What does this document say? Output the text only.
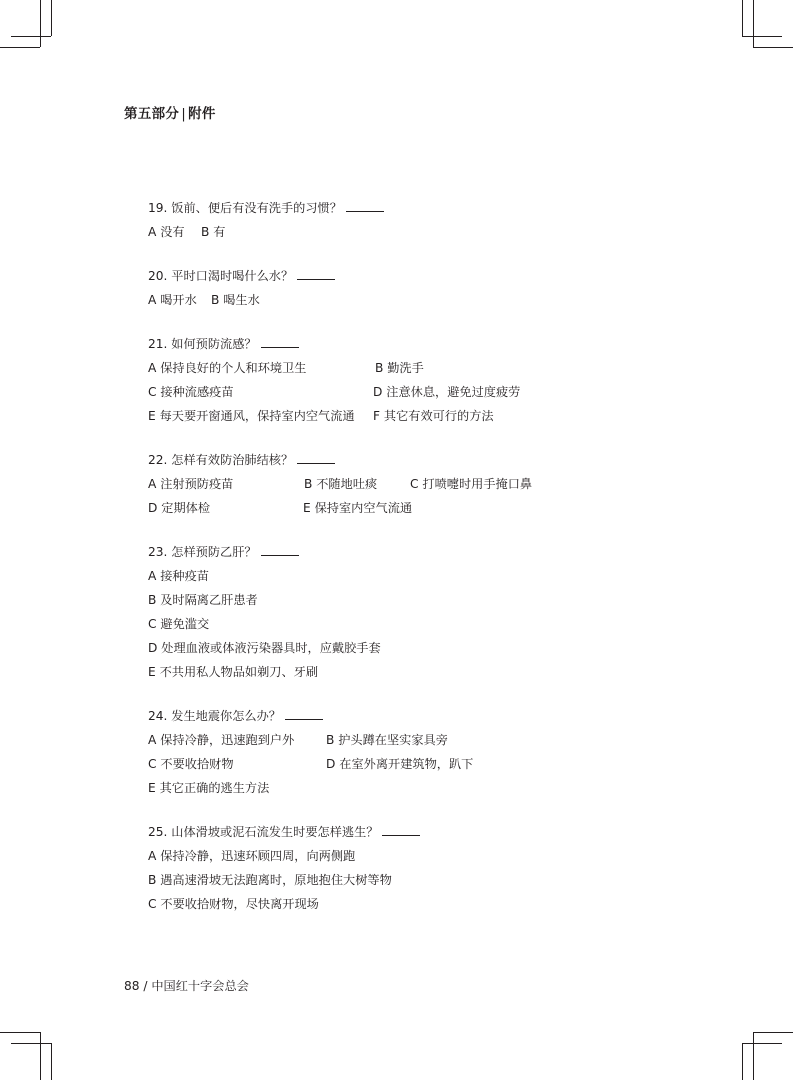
第五部分 | 附件
19. 饭前、便后有没有洗手的习惯？
A 没有 B 有
20. 平时口渴时喝什么水？
A 喝开水 B 喝生水
21. 如何预防流感？
A 保持良好的个人和环境卫生	B 勤洗手
C 接种流感疫苗	D 注意休息，避免过度疲劳
E 每天要开窗通风，保持室内空气流通 F 其它有效可行的方法
22. 怎样有效防治肺结核？
A 注射预防疫苗	B 不随地吐痰	C 打喷嚏时用手掩口鼻
D 定期体检	E 保持室内空气流通
23. 怎样预防乙肝？
A 接种疫苗
B 及时隔离乙肝患者
C 避免滥交
D 处理血液或体液污染器具时，应戴胶手套
E 不共用私人物品如剃刀、牙刷
24. 发生地震你怎么办？
A 保持冷静，迅速跑到户外	B 护头蹲在坚实家具旁
C 不要收拾财物	D 在室外离开建筑物，趴下
E 其它正确的逃生方法
25. 山体滑坡或泥石流发生时要怎样逃生？
A 保持冷静，迅速环顾四周，向两侧跑
B 遇高速滑坡无法跑离时，原地抱住大树等物
C 不要收拾财物，尽快离开现场
88 / 中国红十字会总会
